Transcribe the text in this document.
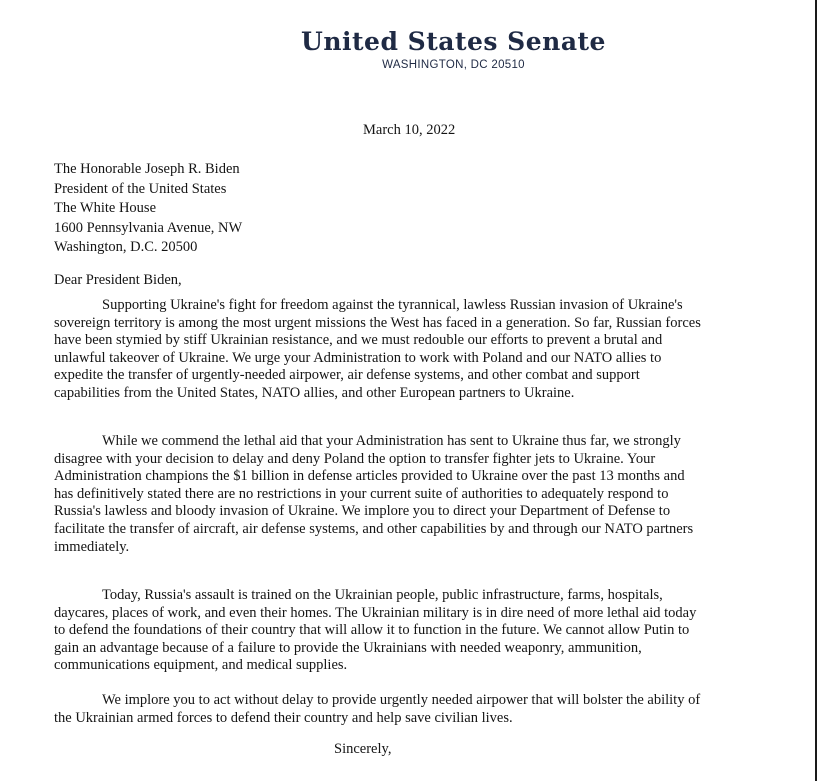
United States Senate
WASHINGTON, DC 20510
March 10, 2022
The Honorable Joseph R. Biden
President of the United States
The White House
1600 Pennsylvania Avenue, NW
Washington, D.C. 20500
Dear President Biden,
Supporting Ukraine's fight for freedom against the tyrannical, lawless Russian invasion of Ukraine's
sovereign territory is among the most urgent missions the West has faced in a generation. So far, Russian forces
have been stymied by stiff Ukrainian resistance, and we must redouble our efforts to prevent a brutal and
unlawful takeover of Ukraine. We urge your Administration to work with Poland and our NATO allies to
expedite the transfer of urgently-needed airpower, air defense systems, and other combat and support
capabilities from the United States, NATO allies, and other European partners to Ukraine.
While we commend the lethal aid that your Administration has sent to Ukraine thus far, we strongly
disagree with your decision to delay and deny Poland the option to transfer fighter jets to Ukraine. Your
Administration champions the $1 billion in defense articles provided to Ukraine over the past 13 months and
has definitively stated there are no restrictions in your current suite of authorities to adequately respond to
Russia's lawless and bloody invasion of Ukraine. We implore you to direct your Department of Defense to
facilitate the transfer of aircraft, air defense systems, and other capabilities by and through our NATO partners
immediately.
Today, Russia's assault is trained on the Ukrainian people, public infrastructure, farms, hospitals,
daycares, places of work, and even their homes. The Ukrainian military is in dire need of more lethal aid today
to defend the foundations of their country that will allow it to function in the future. We cannot allow Putin to
gain an advantage because of a failure to provide the Ukrainians with needed weaponry, ammunition,
communications equipment, and medical supplies.
We implore you to act without delay to provide urgently needed airpower that will bolster the ability of
the Ukrainian armed forces to defend their country and help save civilian lives.
Sincerely,
